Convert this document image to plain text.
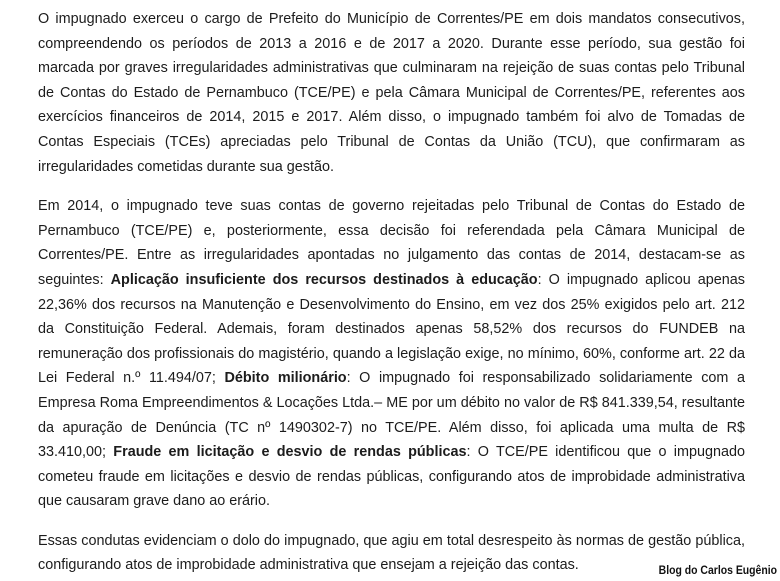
O impugnado exerceu o cargo de Prefeito do Município de Correntes/PE em dois mandatos consecutivos, compreendendo os períodos de 2013 a 2016 e de 2017 a 2020. Durante esse período, sua gestão foi marcada por graves irregularidades administrativas que culminaram na rejeição de suas contas pelo Tribunal de Contas do Estado de Pernambuco (TCE/PE) e pela Câmara Municipal de Correntes/PE, referentes aos exercícios financeiros de 2014, 2015 e 2017. Além disso, o impugnado também foi alvo de Tomadas de Contas Especiais (TCEs) apreciadas pelo Tribunal de Contas da União (TCU), que confirmaram as irregularidades cometidas durante sua gestão.

Em 2014, o impugnado teve suas contas de governo rejeitadas pelo Tribunal de Contas do Estado de Pernambuco (TCE/PE) e, posteriormente, essa decisão foi referendada pela Câmara Municipal de Correntes/PE. Entre as irregularidades apontadas no julgamento das contas de 2014, destacam-se as seguintes: Aplicação insuficiente dos recursos destinados à educação: O impugnado aplicou apenas 22,36% dos recursos na Manutenção e Desenvolvimento do Ensino, em vez dos 25% exigidos pelo art. 212 da Constituição Federal. Ademais, foram destinados apenas 58,52% dos recursos do FUNDEB na remuneração dos profissionais do magistério, quando a legislação exige, no mínimo, 60%, conforme art. 22 da Lei Federal n.º 11.494/07; Débito milionário: O impugnado foi responsabilizado solidariamente com a Empresa Roma Empreendimentos & Locações Ltda.– ME por um débito no valor de R$ 841.339,54, resultante da apuração de Denúncia (TC nº 1490302-7) no TCE/PE. Além disso, foi aplicada uma multa de R$ 33.410,00; Fraude em licitação e desvio de rendas públicas: O TCE/PE identificou que o impugnado cometeu fraude em licitações e desvio de rendas públicas, configurando atos de improbidade administrativa que causaram grave dano ao erário.

Essas condutas evidenciam o dolo do impugnado, que agiu em total desrespeito às normas de gestão pública, configurando atos de improbidade administrativa que ensejam a rejeição das contas.	Blog do Carlos Eugênio
